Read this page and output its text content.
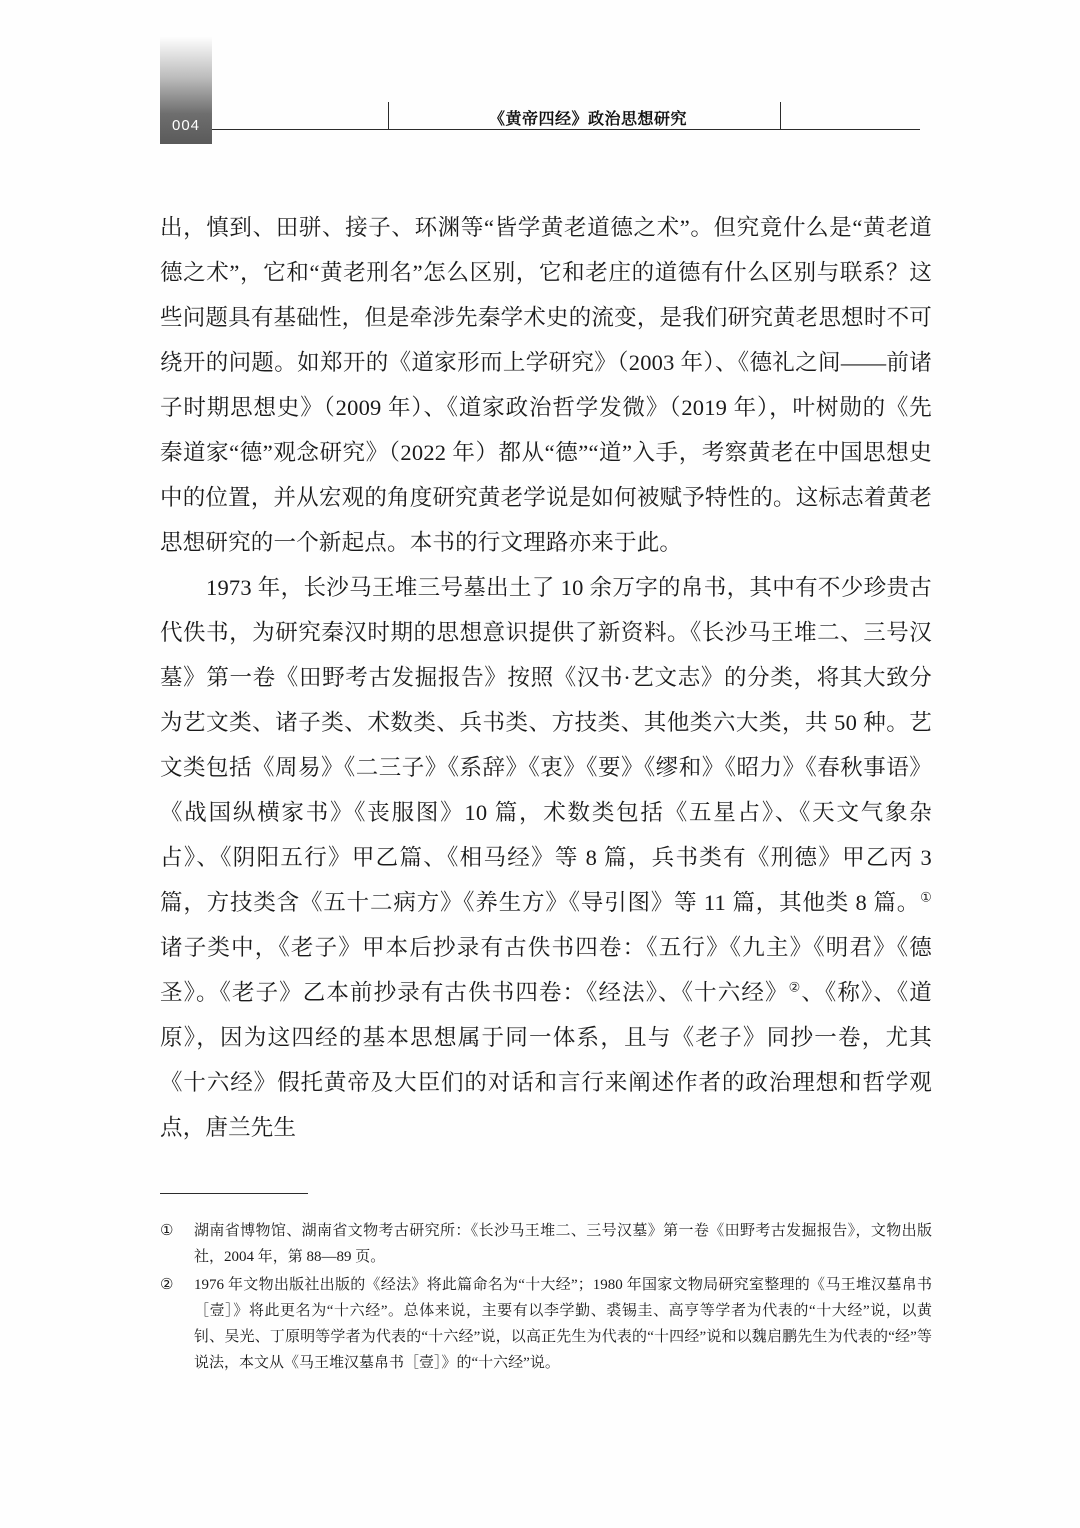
004	《黄帝四经》政治思想研究

出，慎到、田骈、接子、环渊等“皆学黄老道德之术”。但究竟什么是“黄老道德之术”，它和“黄老刑名”怎么区别，它和老庄的道德有什么区别与联系？这些问题具有基础性，但是牵涉先秦学术史的流变，是我们研究黄老思想时不可绕开的问题。如郑开的《道家形而上学研究》（2003 年）、《德礼之间——前诸子时期思想史》（2009 年）、《道家政治哲学发微》（2019 年），叶树勋的《先秦道家“德”观念研究》（2022 年）都从“德”“道”入手，考察黄老在中国思想史中的位置，并从宏观的角度研究黄老学说是如何被赋予特性的。这标志着黄老思想研究的一个新起点。本书的行文理路亦来于此。

1973 年，长沙马王堆三号墓出土了 10 余万字的帛书，其中有不少珍贵古代佚书，为研究秦汉时期的思想意识提供了新资料。《长沙马王堆二、三号汉墓》第一卷《田野考古发掘报告》按照《汉书·艺文志》的分类，将其大致分为艺文类、诸子类、术数类、兵书类、方技类、其他类六大类，共 50 种。艺文类包括《周易》《二三子》《系辞》《衷》《要》《缪和》《昭力》《春秋事语》《战国纵横家书》《丧服图》10 篇，术数类包括《五星占》、《天文气象杂占》、《阴阳五行》甲乙篇、《相马经》等 8 篇，兵书类有《刑德》甲乙丙 3 篇，方技类含《五十二病方》《养生方》《导引图》等 11 篇，其他类 8 篇。①诸子类中，《老子》甲本后抄录有古佚书四卷：《五行》《九主》《明君》《德圣》。《老子》乙本前抄录有古佚书四卷：《经法》、《十六经》②、《称》、《道原》，因为这四经的基本思想属于同一体系，且与《老子》同抄一卷，尤其《十六经》假托黄帝及大臣们的对话和言行来阐述作者的政治理想和哲学观点，唐兰先生

①	湖南省博物馆、湖南省文物考古研究所：《长沙马王堆二、三号汉墓》第一卷《田野考古发掘报告》，文物出版社，2004 年，第 88—89 页。
②	1976 年文物出版社出版的《经法》将此篇命名为“十大经”；1980 年国家文物局研究室整理的《马王堆汉墓帛书［壹］》将此更名为“十六经”。总体来说，主要有以李学勤、裘锡圭、高亨等学者为代表的“十大经”说，以黄钊、吴光、丁原明等学者为代表的“十六经”说，以高正先生为代表的“十四经”说和以魏启鹏先生为代表的“经”等说法，本文从《马王堆汉墓帛书［壹］》的“十六经”说。
